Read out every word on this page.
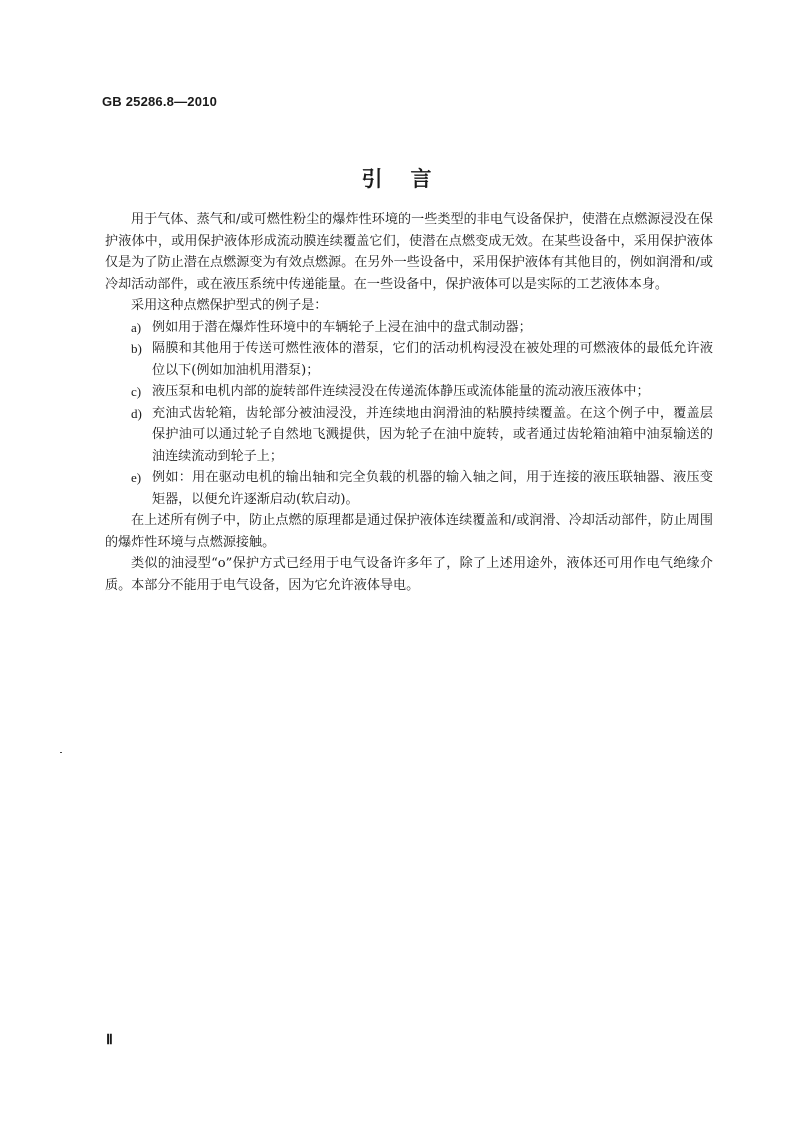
GB 25286.8—2010
引言

用于气体、蒸气和/或可燃性粉尘的爆炸性环境的一些类型的非电气设备保护，使潜在点燃源浸没在保护液体中，或用保护液体形成流动膜连续覆盖它们，使潜在点燃变成无效。在某些设备中，采用保护液体仅是为了防止潜在点燃源变为有效点燃源。在另外一些设备中，采用保护液体有其他目的，例如润滑和/或冷却活动部件，或在液压系统中传递能量。在一些设备中，保护液体可以是实际的工艺液体本身。

采用这种点燃保护型式的例子是：

a) 例如用于潜在爆炸性环境中的车辆轮子上浸在油中的盘式制动器；
b) 隔膜和其他用于传送可燃性液体的潜泵，它们的活动机构浸没在被处理的可燃液体的最低允许液位以下(例如加油机用潜泵)；
c) 液压泵和电机内部的旋转部件连续浸没在传递流体静压或流体能量的流动液压液体中；
d) 充油式齿轮箱，齿轮部分被油浸没，并连续地由润滑油的粘膜持续覆盖。在这个例子中，覆盖层保护油可以通过轮子自然地飞溅提供，因为轮子在油中旋转，或者通过齿轮箱油箱中油泵输送的油连续流动到轮子上；
e) 例如：用在驱动电机的输出轴和完全负载的机器的输入轴之间，用于连接的液压联轴器、液压变矩器，以便允许逐渐启动(软启动)。

在上述所有例子中，防止点燃的原理都是通过保护液体连续覆盖和/或润滑、冷却活动部件，防止周围的爆炸性环境与点燃源接触。

类似的油浸型“o”保护方式已经用于电气设备许多年了，除了上述用途外，液体还可用作电气绝缘介质。本部分不能用于电气设备，因为它允许液体导电。

Ⅱ
